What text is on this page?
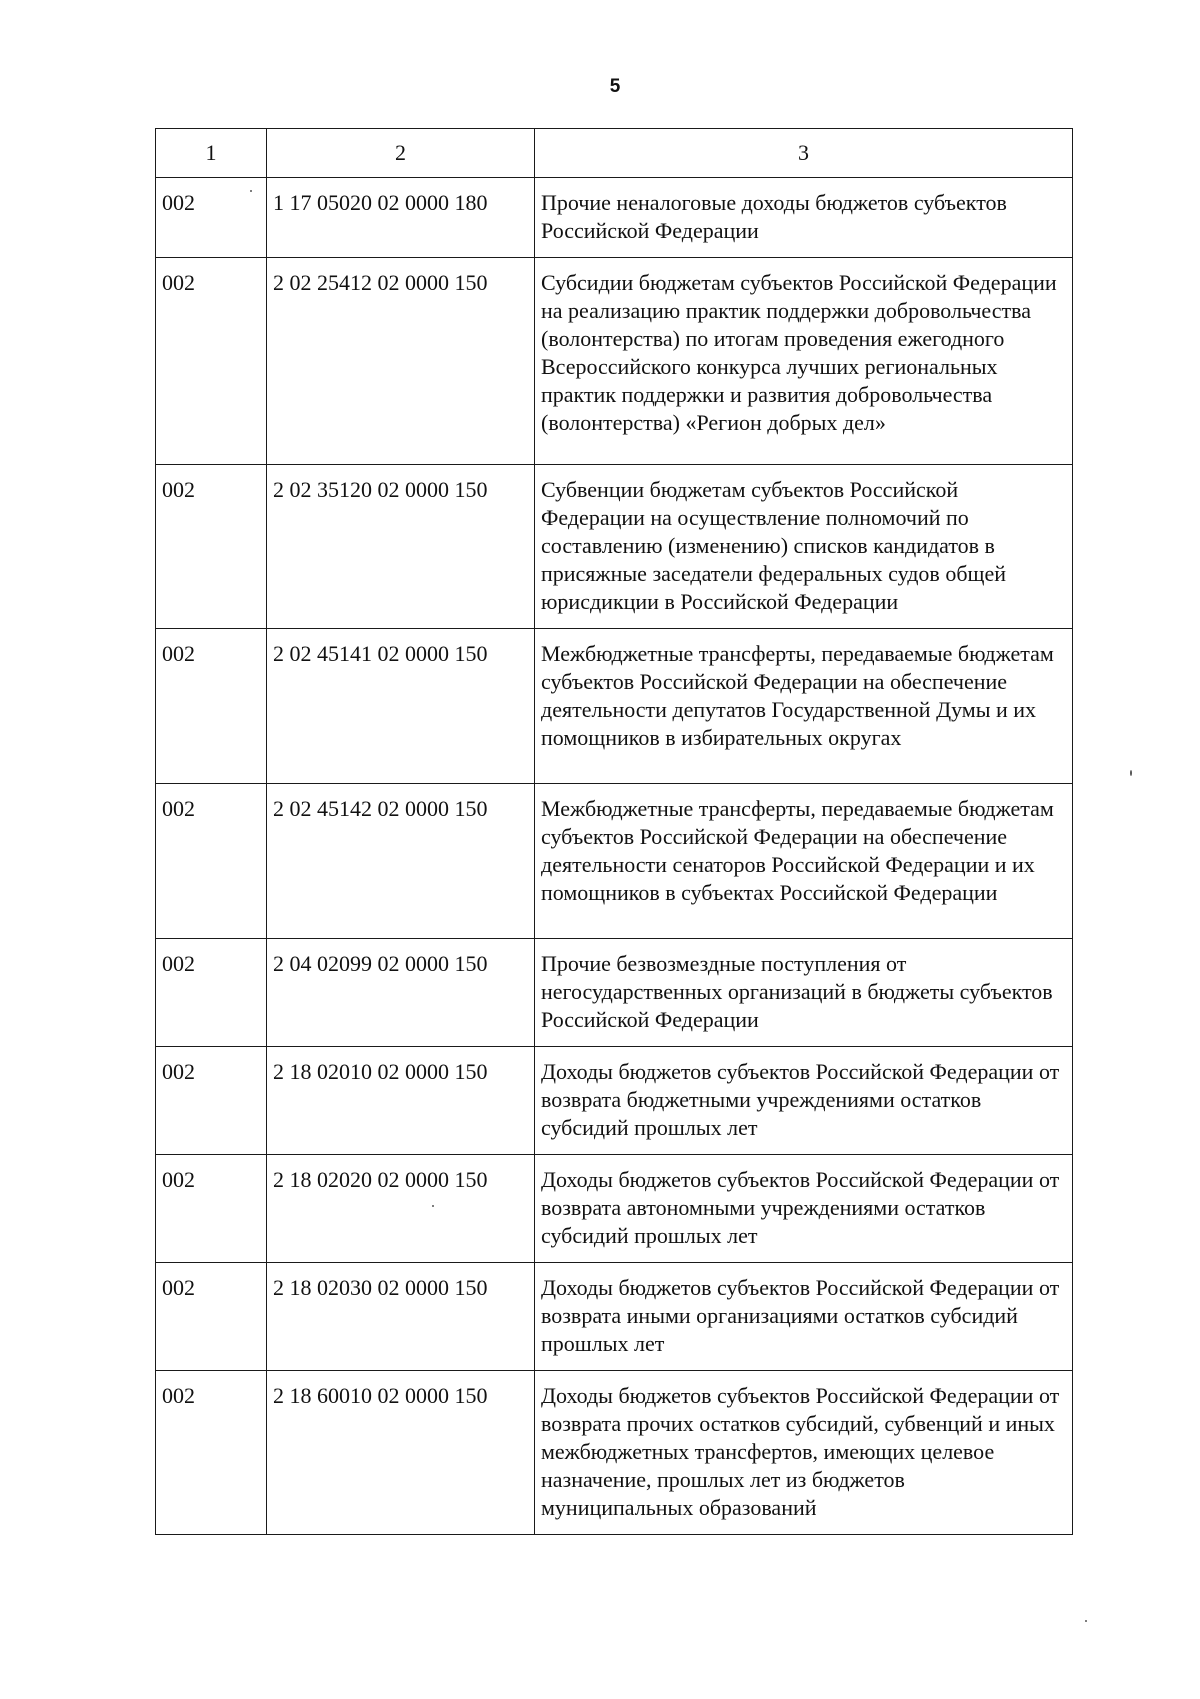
5
1	2	3
002	1 17 05020 02 0000 180	Прочие неналоговые доходы бюджетов субъектов Российской Федерации
002	2 02 25412 02 0000 150	Субсидии бюджетам субъектов Российской Федерации на реализацию практик поддержки добровольчества (волонтерства) по итогам проведения ежегодного Всероссийского конкурса лучших региональных практик поддержки и развития добровольчества (волонтерства) «Регион добрых дел»
002	2 02 35120 02 0000 150	Субвенции бюджетам субъектов Российской Федерации на осуществление полномочий по составлению (изменению) списков кандидатов в присяжные заседатели федеральных судов общей юрисдикции в Российской Федерации
002	2 02 45141 02 0000 150	Межбюджетные трансферты, передаваемые бюджетам субъектов Российской Федерации на обеспечение деятельности депутатов Государственной Думы и их помощников в избирательных округах
002	2 02 45142 02 0000 150	Межбюджетные трансферты, передаваемые бюджетам субъектов Российской Федерации на обеспечение деятельности сенаторов Российской Федерации и их помощников в субъектах Российской Федерации
002	2 04 02099 02 0000 150	Прочие безвозмездные поступления от негосударственных организаций в бюджеты субъектов Российской Федерации
002	2 18 02010 02 0000 150	Доходы бюджетов субъектов Российской Федерации от возврата бюджетными учреждениями остатков субсидий прошлых лет
002	2 18 02020 02 0000 150	Доходы бюджетов субъектов Российской Федерации от возврата автономными учреждениями остатков субсидий прошлых лет
002	2 18 02030 02 0000 150	Доходы бюджетов субъектов Российской Федерации от возврата иными организациями остатков субсидий прошлых лет
002	2 18 60010 02 0000 150	Доходы бюджетов субъектов Российской Федерации от возврата прочих остатков субсидий, субвенций и иных межбюджетных трансфертов, имеющих целевое назначение, прошлых лет из бюджетов муниципальных образований
